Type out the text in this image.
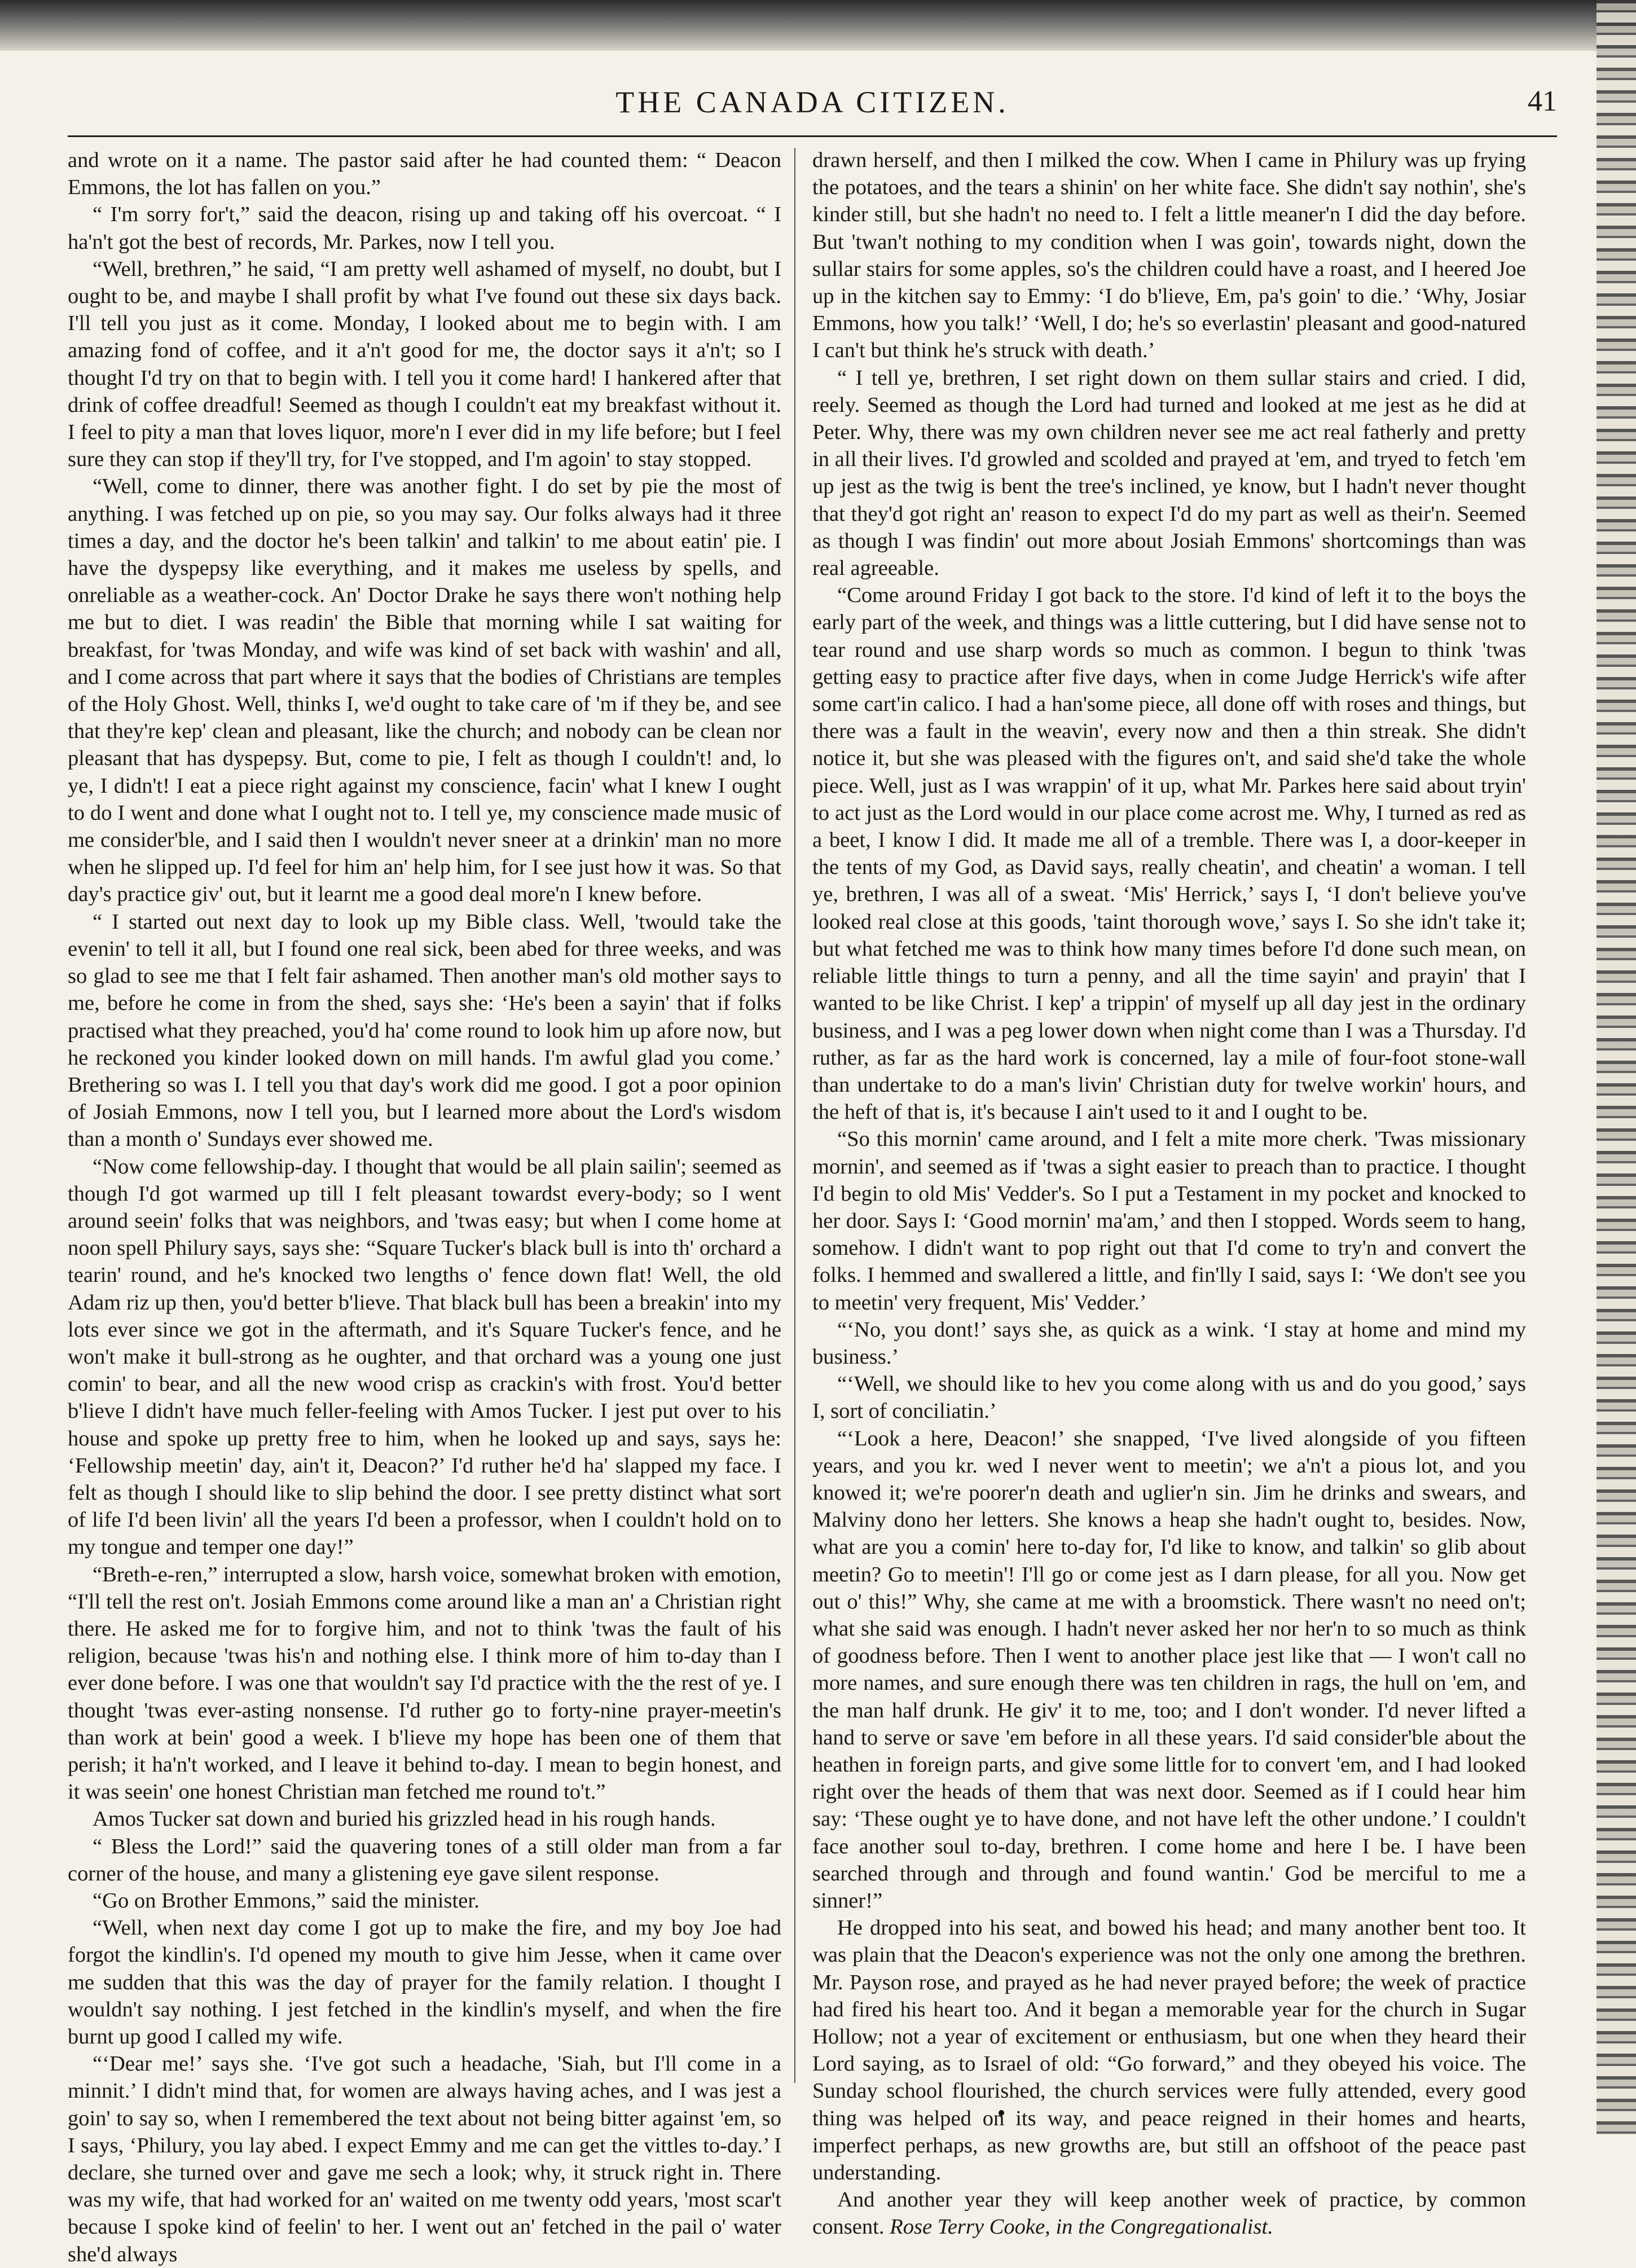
THE CANADA CITIZEN.	41

and wrote on it a name. The pastor said after he had counted them: “ Deacon Emmons, the lot has fallen on you.”

“ I'm sorry for't,” said the deacon, rising up and taking off his overcoat. “ I ha'n't got the best of records, Mr. Parkes, now I tell you.

“Well, brethren,” he said, “I am pretty well ashamed of myself, no doubt, but I ought to be, and maybe I shall profit by what I've found out these six days back. I'll tell you just as it come. Monday, I looked about me to begin with. I am amazing fond of coffee, and it a'n't good for me, the doctor says it a'n't; so I thought I'd try on that to begin with. I tell you it come hard! I hankered after that drink of coffee dreadful! Seemed as though I couldn't eat my breakfast without it. I feel to pity a man that loves liquor, more'n I ever did in my life before; but I feel sure they can stop if they'll try, for I've stopped, and I'm agoin' to stay stopped.

“Well, come to dinner, there was another fight. I do set by pie the most of anything. I was fetched up on pie, so you may say. Our folks always had it three times a day, and the doctor he's been talkin' and talkin' to me about eatin' pie. I have the dyspepsy like everything, and it makes me useless by spells, and onreliable as a weather-cock. An' Doctor Drake he says there won't nothing help me but to diet. I was readin' the Bible that morning while I sat waiting for breakfast, for 'twas Monday, and wife was kind of set back with washin' and all, and I come across that part where it says that the bodies of Christians are temples of the Holy Ghost. Well, thinks I, we'd ought to take care of 'm if they be, and see that they're kep' clean and pleasant, like the church; and nobody can be clean nor pleasant that has dyspepsy. But, come to pie, I felt as though I couldn't! and, lo ye, I didn't! I eat a piece right against my conscience, facin' what I knew I ought to do I went and done what I ought not to. I tell ye, my conscience made music of me consider'ble, and I said then I wouldn't never sneer at a drinkin' man no more when he slipped up. I'd feel for him an' help him, for I see just how it was. So that day's practice giv' out, but it learnt me a good deal more'n I knew before.

“ I started out next day to look up my Bible class. Well, 'twould take the evenin' to tell it all, but I found one real sick, been abed for three weeks, and was so glad to see me that I felt fair ashamed. Then another man's old mother says to me, before he come in from the shed, says she: ‘He's been a sayin' that if folks practised what they preached, you'd ha' come round to look him up afore now, but he reckoned you kinder looked down on mill hands. I'm awful glad you come.’ Brethering so was I. I tell you that day's work did me good. I got a poor opinion of Josiah Emmons, now I tell you, but I learned more about the Lord's wisdom than a month o' Sundays ever showed me.

“Now come fellowship-day. I thought that would be all plain sailin'; seemed as though I'd got warmed up till I felt pleasant towardst every-body; so I went around seein' folks that was neighbors, and 'twas easy; but when I come home at noon spell Philury says, says she: “Square Tucker's black bull is into th' orchard a tearin' round, and he's knocked two lengths o' fence down flat! Well, the old Adam riz up then, you'd better b'lieve. That black bull has been a breakin' into my lots ever since we got in the aftermath, and it's Square Tucker's fence, and he won't make it bull-strong as he oughter, and that orchard was a young one just comin' to bear, and all the new wood crisp as crackin's with frost. You'd better b'lieve I didn't have much feller-feeling with Amos Tucker. I jest put over to his house and spoke up pretty free to him, when he looked up and says, says he: ‘Fellowship meetin' day, ain't it, Deacon?’ I'd ruther he'd ha' slapped my face. I felt as though I should like to slip behind the door. I see pretty distinct what sort of life I'd been livin' all the years I'd been a professor, when I couldn't hold on to my tongue and temper one day!”

“Breth-e-ren,” interrupted a slow, harsh voice, somewhat broken with emotion, “I'll tell the rest on't. Josiah Emmons come around like a man an' a Christian right there. He asked me for to forgive him, and not to think 'twas the fault of his religion, because 'twas his'n and nothing else. I think more of him to-day than I ever done before. I was one that wouldn't say I'd practice with the the rest of ye. I thought 'twas ever-asting nonsense. I'd ruther go to forty-nine prayer-meetin's than work at bein' good a week. I b'lieve my hope has been one of them that perish; it ha'n't worked, and I leave it behind to-day. I mean to begin honest, and it was seein' one honest Christian man fetched me round to't.”

Amos Tucker sat down and buried his grizzled head in his rough hands.

“ Bless the Lord!” said the quavering tones of a still older man from a far corner of the house, and many a glistening eye gave silent response.

“Go on Brother Emmons,” said the minister.

“Well, when next day come I got up to make the fire, and my boy Joe had forgot the kindlin's. I'd opened my mouth to give him Jesse, when it came over me sudden that this was the day of prayer for the family relation. I thought I wouldn't say nothing. I jest fetched in the kindlin's myself, and when the fire burnt up good I called my wife.

“‘Dear me!’ says she. ‘I've got such a headache, 'Siah, but I'll come in a minnit.’ I didn't mind that, for women are always having aches, and I was jest a goin' to say so, when I remembered the text about not being bitter against 'em, so I says, ‘Philury, you lay abed. I expect Emmy and me can get the vittles to-day.’ I declare, she turned over and gave me sech a look; why, it struck right in. There was my wife, that had worked for an' waited on me twenty odd years, 'most scar't because I spoke kind of feelin' to her. I went out an' fetched in the pail o' water she'd always

drawn herself, and then I milked the cow. When I came in Philury was up frying the potatoes, and the tears a shinin' on her white face. She didn't say nothin', she's kinder still, but she hadn't no need to. I felt a little meaner'n I did the day before. But 'twan't nothing to my condition when I was goin', towards night, down the sullar stairs for some apples, so's the children could have a roast, and I heered Joe up in the kitchen say to Emmy: ‘I do b'lieve, Em, pa's goin' to die.’ ‘Why, Josiar Emmons, how you talk!’ ‘Well, I do; he's so everlastin' pleasant and good-natured I can't but think he's struck with death.’

“ I tell ye, brethren, I set right down on them sullar stairs and cried. I did, reely. Seemed as though the Lord had turned and looked at me jest as he did at Peter. Why, there was my own children never see me act real fatherly and pretty in all their lives. I'd growled and scolded and prayed at 'em, and tryed to fetch 'em up jest as the twig is bent the tree's inclined, ye know, but I hadn't never thought that they'd got right an' reason to expect I'd do my part as well as their'n. Seemed as though I was findin' out more about Josiah Emmons' shortcomings than was real agreeable.

“Come around Friday I got back to the store. I'd kind of left it to the boys the early part of the week, and things was a little cuttering, but I did have sense not to tear round and use sharp words so much as common. I begun to think 'twas getting easy to practice after five days, when in come Judge Herrick's wife after some cart'in calico. I had a han'some piece, all done off with roses and things, but there was a fault in the weavin', every now and then a thin streak. She didn't notice it, but she was pleased with the figures on't, and said she'd take the whole piece. Well, just as I was wrappin' of it up, what Mr. Parkes here said about tryin' to act just as the Lord would in our place come acrost me. Why, I turned as red as a beet, I know I did. It made me all of a tremble. There was I, a door-keeper in the tents of my God, as David says, really cheatin', and cheatin' a woman. I tell ye, brethren, I was all of a sweat. ‘Mis' Herrick,’ says I, ‘I don't believe you've looked real close at this goods, 'taint thorough wove,’ says I. So she idn't take it; but what fetched me was to think how many times before I'd done such mean, on reliable little things to turn a penny, and all the time sayin' and prayin' that I wanted to be like Christ. I kep' a trippin' of myself up all day jest in the ordinary business, and I was a peg lower down when night come than I was a Thursday. I'd ruther, as far as the hard work is concerned, lay a mile of four-foot stone-wall than undertake to do a man's livin' Christian duty for twelve workin' hours, and the heft of that is, it's because I ain't used to it and I ought to be.

“So this mornin' came around, and I felt a mite more cherk. 'Twas missionary mornin', and seemed as if 'twas a sight easier to preach than to practice. I thought I'd begin to old Mis' Vedder's. So I put a Testament in my pocket and knocked to her door. Says I: ‘Good mornin' ma'am,’ and then I stopped. Words seem to hang, somehow. I didn't want to pop right out that I'd come to try'n and convert the folks. I hemmed and swallered a little, and fin'lly I said, says I: ‘We don't see you to meetin' very frequent, Mis' Vedder.’

“‘No, you dont!’ says she, as quick as a wink. ‘I stay at home and mind my business.’

“‘Well, we should like to hev you come along with us and do you good,’ says I, sort of conciliatin.’

“‘Look a here, Deacon!’ she snapped, ‘I've lived alongside of you fifteen years, and you kr. wed I never went to meetin'; we a'n't a pious lot, and you knowed it; we're poorer'n death and uglier'n sin. Jim he drinks and swears, and Malviny dono her letters. She knows a heap she hadn't ought to, besides. Now, what are you a comin' here to-day for, I'd like to know, and talkin' so glib about meetin? Go to meetin'! I'll go or come jest as I darn please, for all you. Now get out o' this!” Why, she came at me with a broomstick. There wasn't no need on't; what she said was enough. I hadn't never asked her nor her'n to so much as think of goodness before. Then I went to another place jest like that — I won't call no more names, and sure enough there was ten children in rags, the hull on 'em, and the man half drunk. He giv' it to me, too; and I don't wonder. I'd never lifted a hand to serve or save 'em before in all these years. I'd said consider'ble about the heathen in foreign parts, and give some little for to convert 'em, and I had looked right over the heads of them that was next door. Seemed as if I could hear him say: ‘These ought ye to have done, and not have left the other undone.’ I couldn't face another soul to-day, brethren. I come home and here I be. I have been searched through and through and found wantin.' God be merciful to me a sinner!”

He dropped into his seat, and bowed his head; and many another bent too. It was plain that the Deacon's experience was not the only one among the brethren. Mr. Payson rose, and prayed as he had never prayed before; the week of practice had fired his heart too. And it began a memorable year for the church in Sugar Hollow; not a year of excitement or enthusiasm, but one when they heard their Lord saying, as to Israel of old: “Go forward,” and they obeyed his voice. The Sunday school flourished, the church services were fully attended, every good thing was helped on its way, and peace reigned in their homes and hearts, imperfect perhaps, as new growths are, but still an offshoot of the peace past understanding.

And another year they will keep another week of practice, by common consent. Rose Terry Cooke, in the Congregationalist.
